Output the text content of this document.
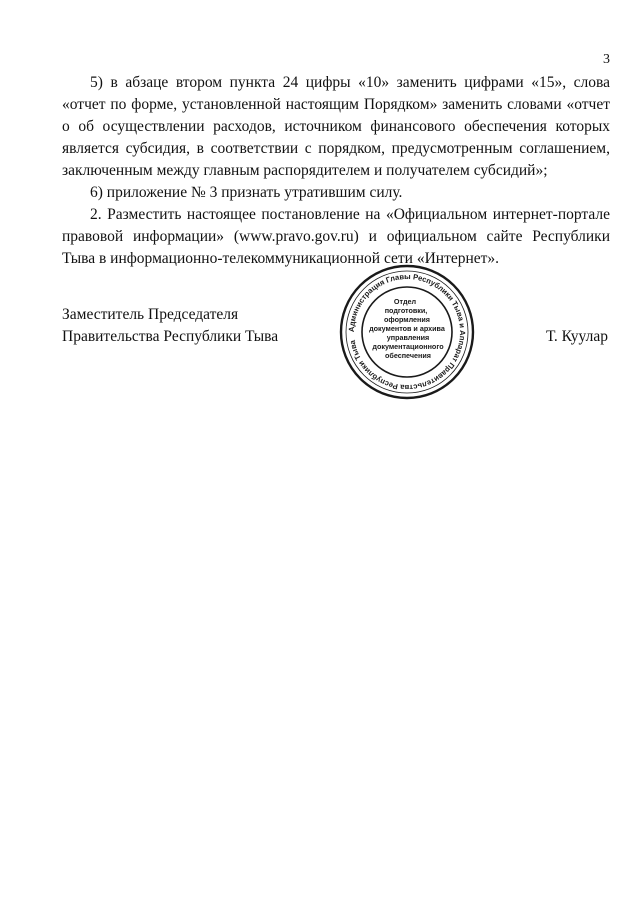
3

5) в абзаце втором пункта 24 цифры «10» заменить цифрами «15», слова «отчет по форме, установленной настоящим Порядком» заменить словами «отчет о об осуществлении расходов, источником финансового обеспечения которых является субсидия, в соответствии с порядком, предусмотренным соглашением, заключенным между главным распорядителем и получателем субсидий»;

6) приложение № 3 признать утратившим силу.

2. Разместить настоящее постановление на «Официальном интернет-портале правовой информации» (www.pravo.gov.ru) и официальном сайте Республики Тыва в информационно-телекоммуникационной сети «Интернет».

Заместитель Председателя
Правительства Республики Тыва	Т. Куулар
Администрация Главы Республики Тыва и Аппарат Правительства Республики Тыва
Отдел
подготовки,
оформления
документов и архива
управления
документационного
обеспечения
